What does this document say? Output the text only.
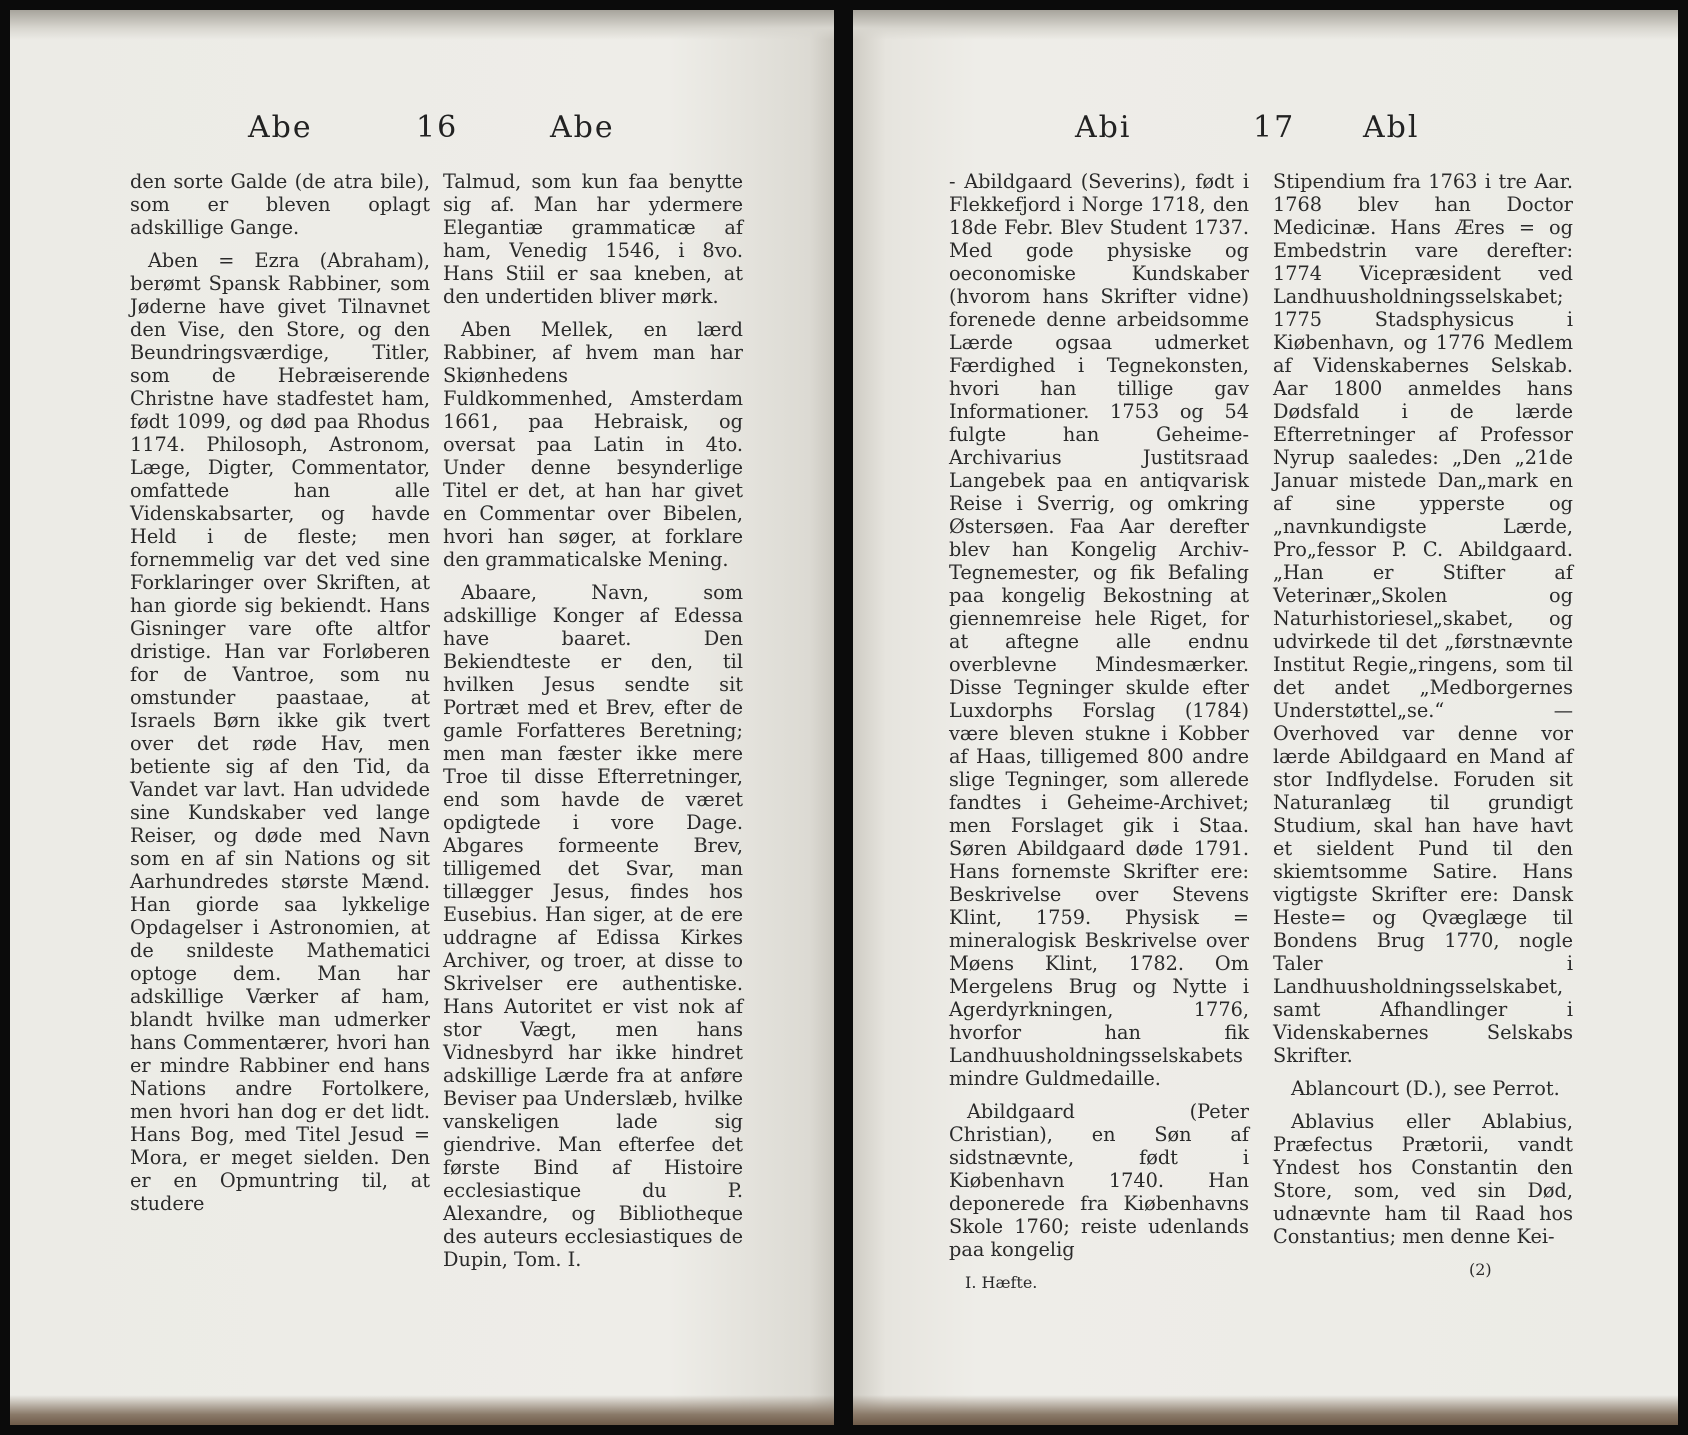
Abe	16	Abe

den sorte Galde (de atra bile), som er bleven oplagt adskillige Gange.

Aben = Ezra (Abraham), berømt Spansk Rabbiner, som Jøderne have givet Tilnavnet den Vise, den Store, og den Beundringsværdige, Titler, som de Hebræiserende Christne have stadfestet ham, født 1099, og død paa Rhodus 1174. Philosoph, Astronom, Læge, Digter, Commentator, omfattede han alle Videnskabsarter, og havde Held i de fleste; men fornemmelig var det ved sine Forklaringer over Skriften, at han giorde sig bekiendt. Hans Gisninger vare ofte altfor dristige. Han var Forløberen for de Vantroe, som nu omstunder paastaae, at Israels Børn ikke gik tvert over det røde Hav, men betiente sig af den Tid, da Vandet var lavt. Han udvidede sine Kundskaber ved lange Reiser, og døde med Navn som en af sin Nations og sit Aarhundredes største Mænd. Han giorde saa lykkelige Opdagelser i Astronomien, at de snildeste Mathematici optoge dem. Man har adskillige Værker af ham, blandt hvilke man udmerker hans Commentærer, hvori han er mindre Rabbiner end hans Nations andre Fortolkere, men hvori han dog er det lidt. Hans Bog, med Titel Jesud = Mora, er meget sielden. Den er en Opmuntring til, at studere

Talmud, som kun faa benytte sig af. Man har ydermere Elegantiæ grammaticæ af ham, Venedig 1546, i 8vo. Hans Stiil er saa kneben, at den undertiden bliver mørk.

Aben Mellek, en lærd Rabbiner, af hvem man har Skiønhedens Fuldkommenhed, Amsterdam 1661, paa Hebraisk, og oversat paa Latin in 4to. Under denne besynderlige Titel er det, at han har givet en Commentar over Bibelen, hvori han søger, at forklare den grammaticalske Mening.

Abaare, Navn, som adskillige Konger af Edessa have baaret. Den Bekiendteste er den, til hvilken Jesus sendte sit Portræt med et Brev, efter de gamle Forfatteres Beretning; men man fæster ikke mere Troe til disse Efterretninger, end som havde de været opdigtede i vore Dage. Abgares formeente Brev, tilligemed det Svar, man tillægger Jesus, findes hos Eusebius. Han siger, at de ere uddragne af Edissa Kirkes Archiver, og troer, at disse to Skrivelser ere authentiske. Hans Autoritet er vist nok af stor Vægt, men hans Vidnesbyrd har ikke hindret adskillige Lærde fra at anføre Beviser paa Underslæb, hvilke vanskeligen lade sig giendrive. Man efterfee det første Bind af Histoire ecclesiastique du P. Alexandre, og Bibliotheque des auteurs ecclesiastiques de Dupin, Tom. I.

Abi	17 Abl

- Abildgaard (Severins), født i Flekkefjord i Norge 1718, den 18de Febr. Blev Student 1737. Med gode physiske og oeconomiske Kundskaber (hvorom hans Skrifter vidne) forenede denne arbeidsomme Lærde ogsaa udmerket Færdighed i Tegnekonsten, hvori han tillige gav Informationer. 1753 og 54 fulgte han Geheime-Archivarius Justitsraad Langebek paa en antiqvarisk Reise i Sverrig, og omkring Østersøen. Faa Aar derefter blev han Kongelig Archiv-Tegnemester, og fik Befaling paa kongelig Bekostning at giennemreise hele Riget, for at aftegne alle endnu overblevne Mindesmærker. Disse Tegninger skulde efter Luxdorphs Forslag (1784) være bleven stukne i Kobber af Haas, tilligemed 800 andre slige Tegninger, som allerede fandtes i Geheime-Archivet; men Forslaget gik i Staa. Søren Abildgaard døde 1791. Hans fornemste Skrifter ere: Beskrivelse over Stevens Klint, 1759. Physisk = mineralogisk Beskrivelse over Møens Klint, 1782. Om Mergelens Brug og Nytte i Agerdyrkningen, 1776, hvorfor han fik Landhuusholdningsselskabets mindre Guldmedaille.

Abildgaard (Peter Christian), en Søn af sidstnævnte, født i Kiøbenhavn 1740. Han deponerede fra Kiøbenhavns Skole 1760; reiste udenlands paa kongelig

I. Hæfte.

Stipendium fra 1763 i tre Aar. 1768 blev han Doctor Medicinæ. Hans Æres = og Embedstrin vare derefter: 1774 Vicepræsident ved Landhuusholdningsselskabet; 1775 Stadsphysicus i Kiøbenhavn, og 1776 Medlem af Videnskabernes Selskab. Aar 1800 anmeldes hans Dødsfald i de lærde Efterretninger af Professor Nyrup saaledes: „Den „21de Januar mistede Dan„mark en af sine ypperste og „navnkundigste Lærde, Pro„fessor P. C. Abildgaard. „Han er Stifter af Veterinær„Skolen og Naturhistoriesel„skabet, og udvirkede til det „førstnævnte Institut Regie„ringens, som til det andet „Medborgernes Understøttel„se.“ — Overhoved var denne vor lærde Abildgaard en Mand af stor Indflydelse. Foruden sit Naturanlæg til grundigt Studium, skal han have havt et sieldent Pund til den skiemtsomme Satire. Hans vigtigste Skrifter ere: Dansk Heste= og Qvæglæge til Bondens Brug 1770, nogle Taler i Landhuusholdningsselskabet, samt Afhandlinger i Videnskabernes Selskabs Skrifter.

Ablancourt (D.), see Perrot.

Ablavius eller Ablabius, Præfectus Prætorii, vandt Yndest hos Constantin den Store, som, ved sin Død, udnævnte ham til Raad hos Constantius; men denne Kei-

(2)
